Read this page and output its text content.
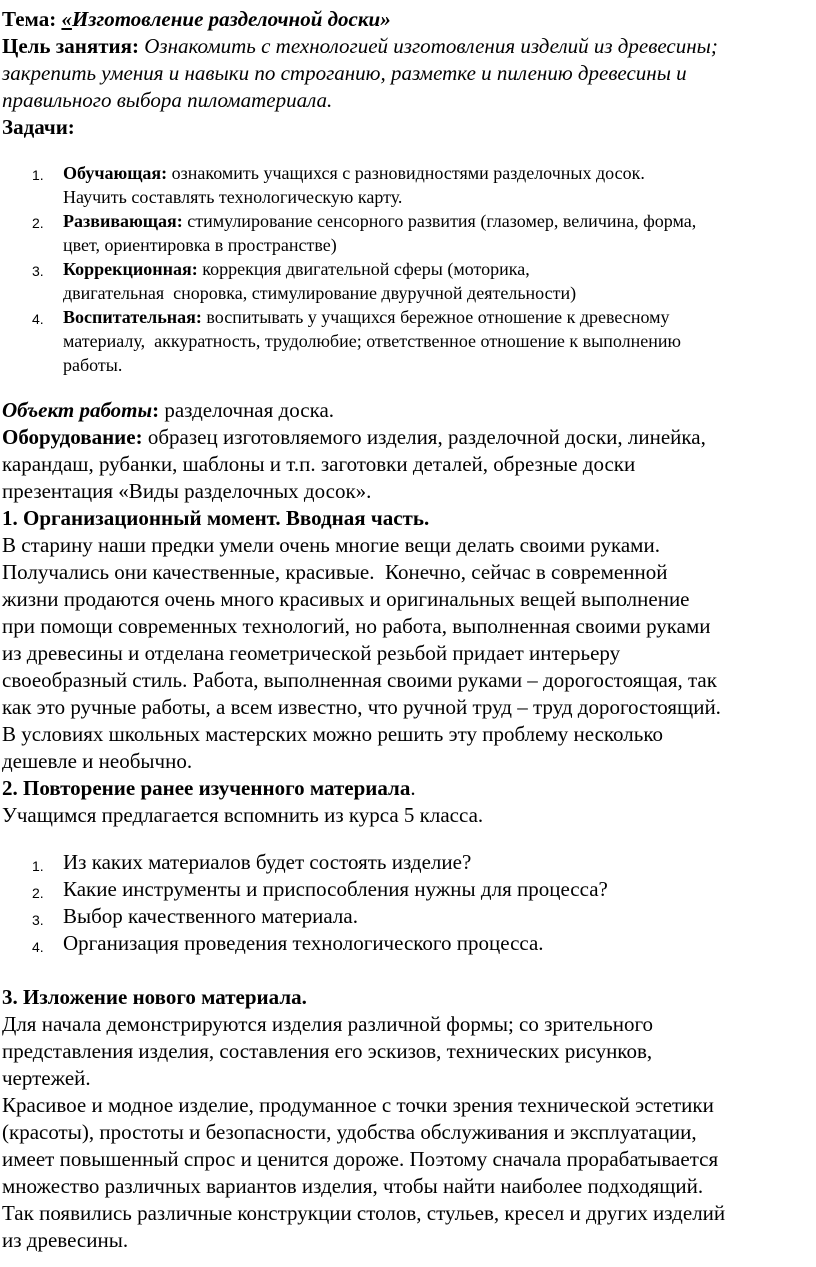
Тема: «Изготовление разделочной доски»

Цель занятия: Ознакомить с технологией изготовления изделий из древесины;

закрепить умения и навыки по строганию, разметке и пилению древесины и

правильного выбора пиломатериала.

Задачи:

1. Обучающая: ознакомить учащихся с разновидностями разделочных досок.
Научить составлять технологическую карту.
2. Развивающая: стимулирование сенсорного развития (глазомер, величина, форма,
цвет, ориентировка в пространстве)
3. Коррекционная: коррекция двигательной сферы (моторика,
двигательная  сноровка, стимулирование двуручной деятельности)
4. Воспитательная: воспитывать у учащихся бережное отношение к древесному
материалу,  аккуратность, трудолюбие; ответственное отношение к выполнению
работы.

Объект работы: разделочная доска.

Оборудование: образец изготовляемого изделия, разделочной доски, линейка,

карандаш, рубанки, шаблоны и т.п. заготовки деталей, обрезные доски

презентация «Виды разделочных досок».

1. Организационный момент. Вводная часть.

В старину наши предки умели очень многие вещи делать своими руками.

Получались они качественные, красивые.  Конечно, сейчас в современной

жизни продаются очень много красивых и оригинальных вещей выполнение

при помощи современных технологий, но работа, выполненная своими руками

из древесины и отделана геометрической резьбой придает интерьеру

своеобразный стиль. Работа, выполненная своими руками – дорогостоящая, так

как это ручные работы, а всем известно, что ручной труд – труд дорогостоящий.

В условиях школьных мастерских можно решить эту проблему несколько

дешевле и необычно.

2. Повторение ранее изученного материала.

Учащимся предлагается вспомнить из курса 5 класса.

1. Из каких материалов будет состоять изделие?
2. Какие инструменты и приспособления нужны для процесса?
3. Выбор качественного материала.
4. Организация проведения технологического процесса.

3. Изложение нового материала.

Для начала демонстрируются изделия различной формы; со зрительного

представления изделия, составления его эскизов, технических рисунков,

чертежей.

Красивое и модное изделие, продуманное с точки зрения технической эстетики

(красоты), простоты и безопасности, удобства обслуживания и эксплуатации,

имеет повышенный спрос и ценится дороже. Поэтому сначала прорабатывается

множество различных вариантов изделия, чтобы найти наиболее подходящий.

Так появились различные конструкции столов, стульев, кресел и других изделий

из древесины.
